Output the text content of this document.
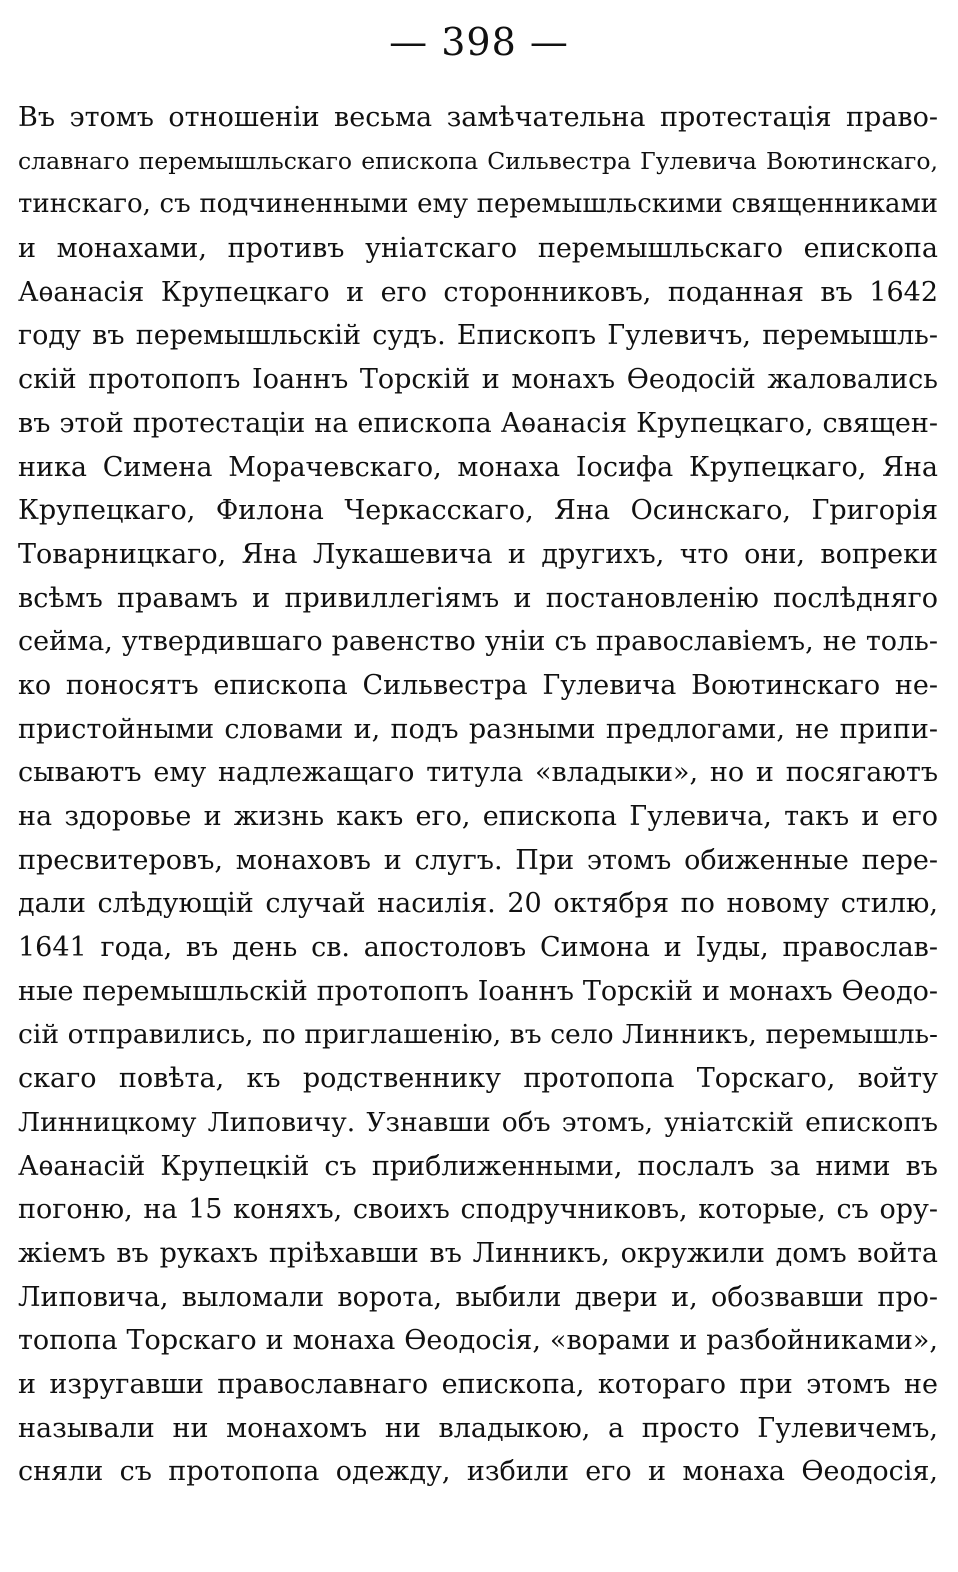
— 398 —
Въ этомъ отношеніи весьма замѣчательна протестація право-
славнаго перемышльскаго епископа Сильвестра Гулевича Воютинскаго,
тинскаго, съ подчиненными ему перемышльскими священниками
и монахами, противъ уніатскаго перемышльскаго епископа
Аѳанасія Крупецкаго и его сторонниковъ, поданная въ 1642
году въ перемышльскій судъ. Епископъ Гулевичъ, перемышль-
скій протопопъ Іоаннъ Торскій и монахъ Ѳеодосій жаловались
въ этой протестаціи на епископа Аѳанасія Крупецкаго, священ-
ника Симена Морачевскаго, монаха Іосифа Крупецкаго, Яна
Крупецкаго, Филона Черкасскаго, Яна Осинскаго, Григорія
Товарницкаго, Яна Лукашевича и другихъ, что они, вопреки
всѣмъ правамъ и привиллегіямъ и постановленію послѣдняго
сейма, утвердившаго равенство уніи съ православіемъ, не толь-
ко поносятъ епископа Сильвестра Гулевича Воютинскаго не-
пристойными словами и, подъ разными предлогами, не припи-
сываютъ ему надлежащаго титула «владыки», но и посягаютъ
на здоровье и жизнь какъ его, епископа Гулевича, такъ и его
пресвитеровъ, монаховъ и слугъ. При этомъ обиженные пере-
дали слѣдующій случай насилія. 20 октября по новому стилю,
1641 года, въ день св. апостоловъ Симона и Іуды, православ-
ные перемышльскій протопопъ Іоаннъ Торскій и монахъ Ѳеодо-
сій отправились, по приглашенію, въ село Линникъ, перемышль-
скаго повѣта, къ родственнику протопопа Торскаго, войту
Линницкому Липовичу. Узнавши объ этомъ, уніатскій епископъ
Аѳанасій Крупецкій съ приближенными, послалъ за ними въ
погоню, на 15 коняхъ, своихъ сподручниковъ, которые, съ ору-
жіемъ въ рукахъ пріѣхавши въ Линникъ, окружили домъ войта
Липовича, выломали ворота, выбили двери и, обозвавши про-
топопа Торскаго и монаха Ѳеодосія, «ворами и разбойниками»,
и изругавши православнаго епископа, котораго при этомъ не
называли ни монахомъ ни владыкою, а просто Гулевичемъ,
сняли съ протопопа одежду, избили его и монаха Ѳеодосія,
